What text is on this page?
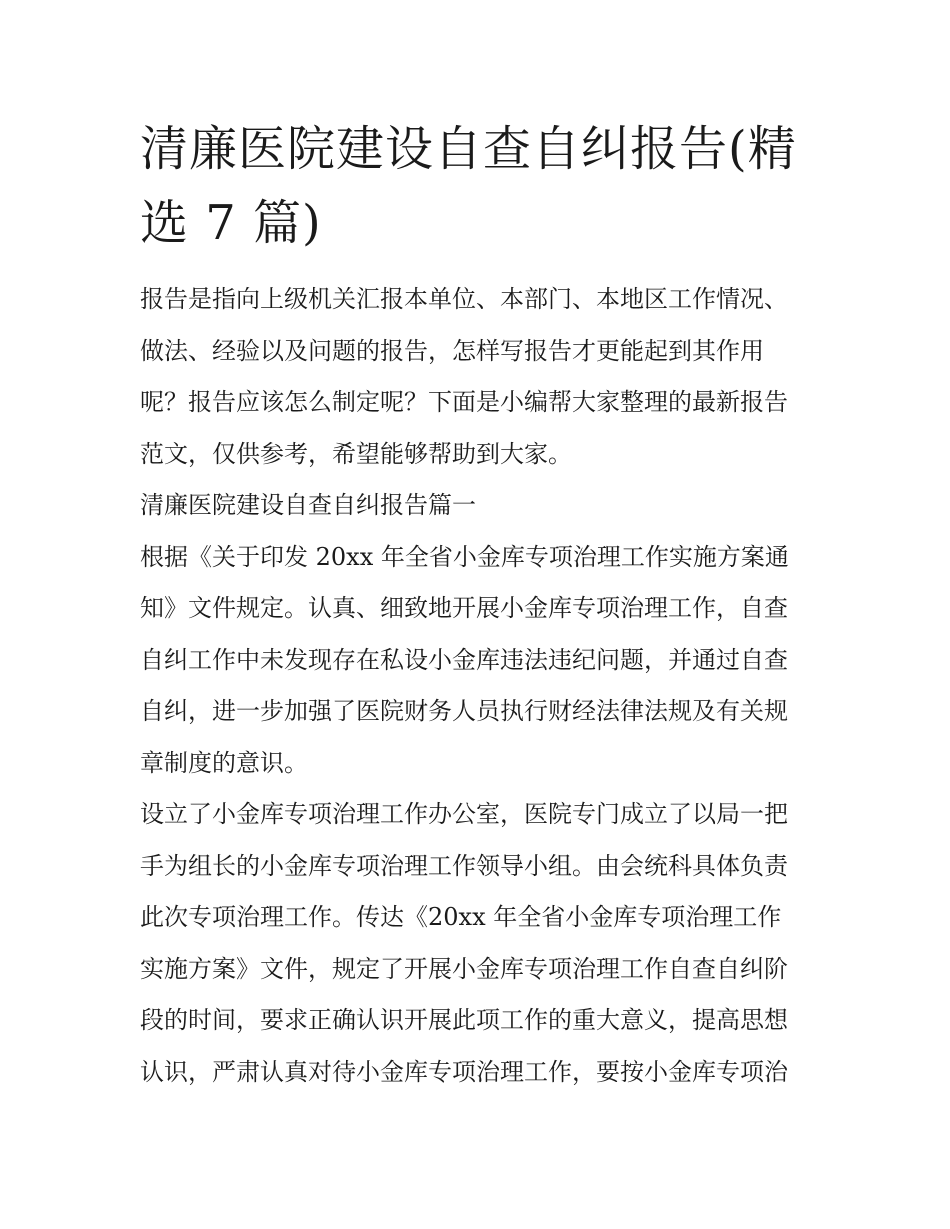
清廉医院建设自查自纠报告(精
选 7 篇)

报告是指向上级机关汇报本单位、本部门、本地区工作情况、
做法、经验以及问题的报告，怎样写报告才更能起到其作用
呢？报告应该怎么制定呢？下面是小编帮大家整理的最新报告
范文，仅供参考，希望能够帮助到大家。

清廉医院建设自查自纠报告篇一

根据《关于印发 20xx 年全省小金库专项治理工作实施方案通
知》文件规定。认真、细致地开展小金库专项治理工作，自查
自纠工作中未发现存在私设小金库违法违纪问题，并通过自查
自纠，进一步加强了医院财务人员执行财经法律法规及有关规
章制度的意识。

设立了小金库专项治理工作办公室，医院专门成立了以局一把
手为组长的小金库专项治理工作领导小组。由会统科具体负责
此次专项治理工作。传达《20xx 年全省小金库专项治理工作
实施方案》文件，规定了开展小金库专项治理工作自查自纠阶
段的时间，要求正确认识开展此项工作的重大意义，提高思想
认识，严肃认真对待小金库专项治理工作，要按小金库专项治
